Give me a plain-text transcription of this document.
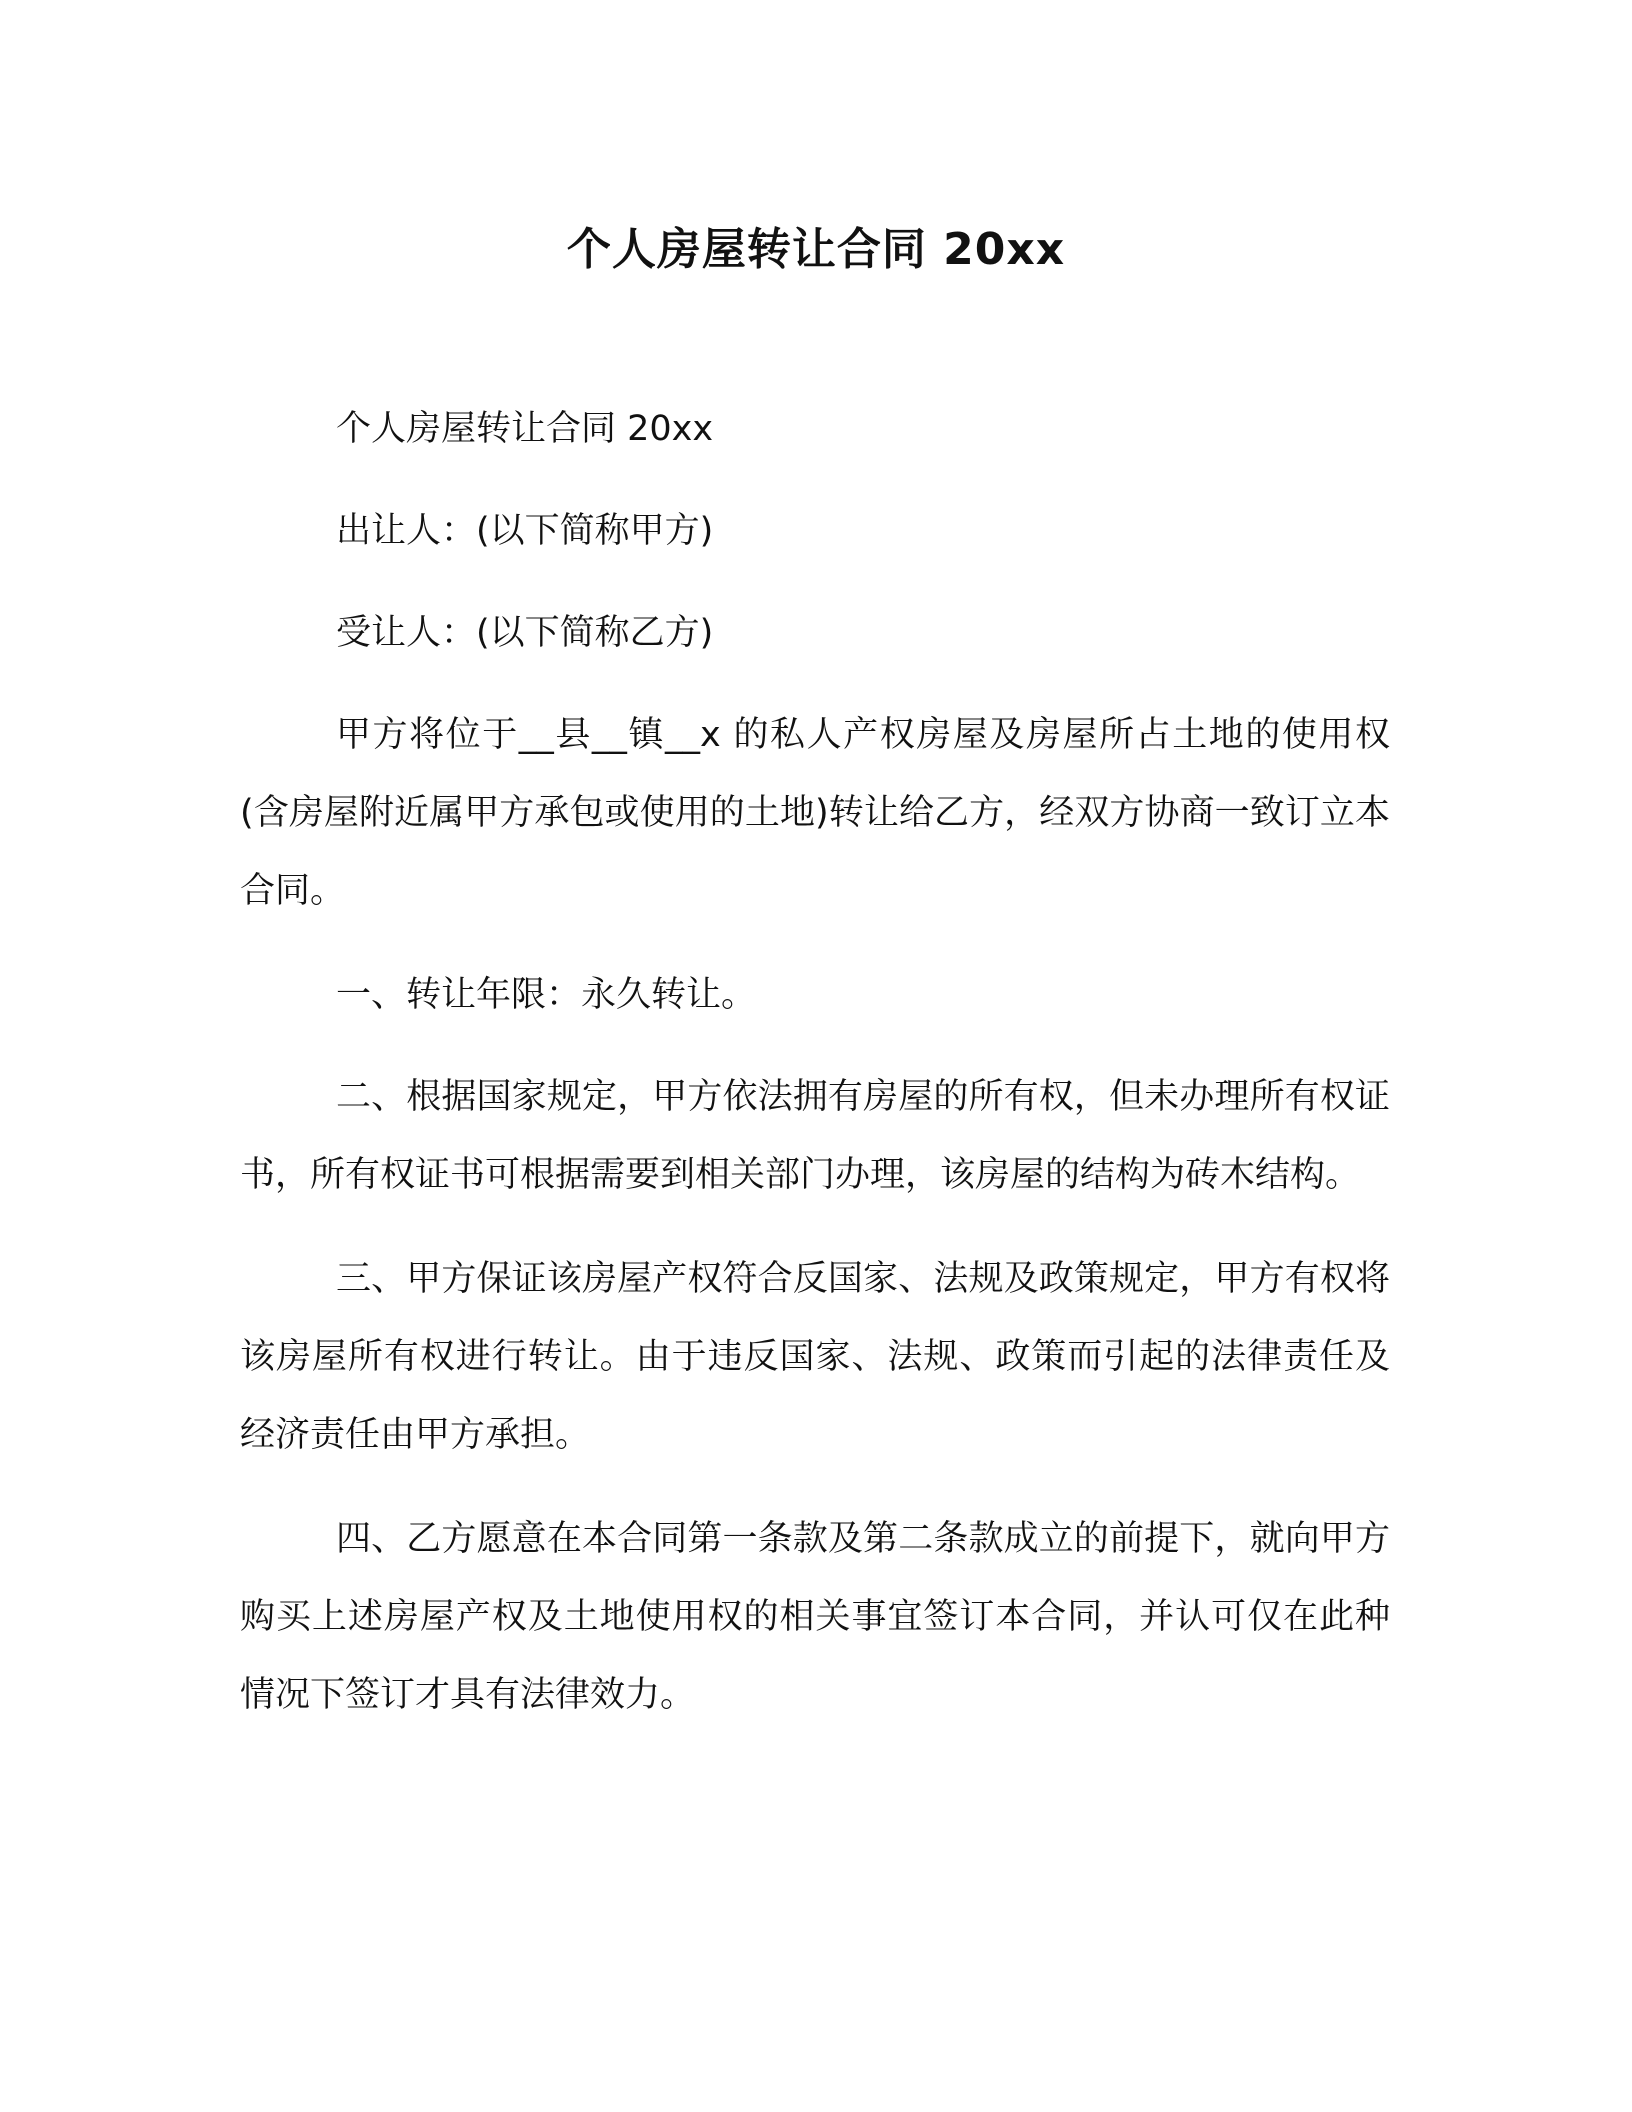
个人房屋转让合同 20xx

个人房屋转让合同 20xx

出让人：(以下简称甲方)

受让人：(以下简称乙方)

甲方将位于__县__镇__x 的私人产权房屋及房屋所占土地的使用权(含房屋附近属甲方承包或使用的土地)转让给乙方，经双方协商一致订立本合同。

一、转让年限：永久转让。

二、根据国家规定，甲方依法拥有房屋的所有权，但未办理所有权证书，所有权证书可根据需要到相关部门办理，该房屋的结构为砖木结构。

三、甲方保证该房屋产权符合反国家、法规及政策规定，甲方有权将该房屋所有权进行转让。由于违反国家、法规、政策而引起的法律责任及经济责任由甲方承担。

四、乙方愿意在本合同第一条款及第二条款成立的前提下，就向甲方购买上述房屋产权及土地使用权的相关事宜签订本合同，并认可仅在此种情况下签订才具有法律效力。
